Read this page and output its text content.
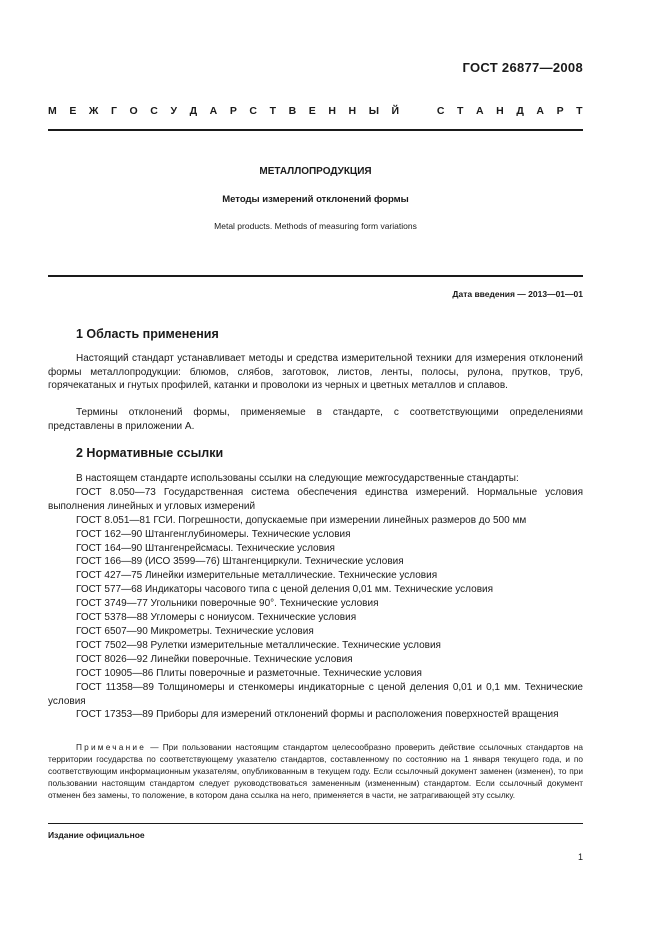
ГОСТ 26877—2008
М Е Ж Г О С У Д А Р С Т В Е Н Н Ы Й	С Т А Н Д А Р Т
МЕТАЛЛОПРОДУКЦИЯ
Методы измерений отклонений формы
Metal products. Methods of measuring form variations
Дата введения — 2013—01—01
1 Область применения
Настоящий стандарт устанавливает методы и средства измерительной техники для измерения отклонений формы металлопродукции: блюмов, слябов, заготовок, листов, ленты, полосы, рулона, прутков, труб, горячекатаных и гнутых профилей, катанки и проволоки из черных и цветных металлов и сплавов.
Термины отклонений формы, применяемые в стандарте, с соответствующими определениями представлены в приложении А.
2 Нормативные ссылки
В настоящем стандарте использованы ссылки на следующие межгосударственные стандарты:
ГОСТ 8.050—73 Государственная система обеспечения единства измерений. Нормальные условия выполнения линейных и угловых измерений
ГОСТ 8.051—81 ГСИ. Погрешности, допускаемые при измерении линейных размеров до 500 мм
ГОСТ 162—90 Штангенглубиномеры. Технические условия
ГОСТ 164—90 Штангенрейсмасы. Технические условия
ГОСТ 166—89 (ИСО 3599—76) Штангенциркули. Технические условия
ГОСТ 427—75 Линейки измерительные металлические. Технические условия
ГОСТ 577—68 Индикаторы часового типа с ценой деления 0,01 мм. Технические условия
ГОСТ 3749—77 Угольники поверочные 90°. Технические условия
ГОСТ 5378—88 Угломеры с нониусом. Технические условия
ГОСТ 6507—90 Микрометры. Технические условия
ГОСТ 7502—98 Рулетки измерительные металлические. Технические условия
ГОСТ 8026—92 Линейки поверочные. Технические условия
ГОСТ 10905—86 Плиты поверочные и разметочные. Технические условия
ГОСТ 11358—89 Толщиномеры и стенкомеры индикаторные с ценой деления 0,01 и 0,1 мм. Технические условия
ГОСТ 17353—89 Приборы для измерений отклонений формы и расположения поверхностей вращения
Примечание — При пользовании настоящим стандартом целесообразно проверить действие ссылочных стандартов на территории государства по соответствующему указателю стандартов, составленному по состоянию на 1 января текущего года, и по соответствующим информационным указателям, опубликованным в текущем году. Если ссылочный документ заменен (изменен), то при пользовании настоящим стандартом следует руководствоваться замененным (измененным) стандартом. Если ссылочный документ отменен без замены, то положение, в котором дана ссылка на него, применяется в части, не затрагивающей эту ссылку.
Издание официальное
1
